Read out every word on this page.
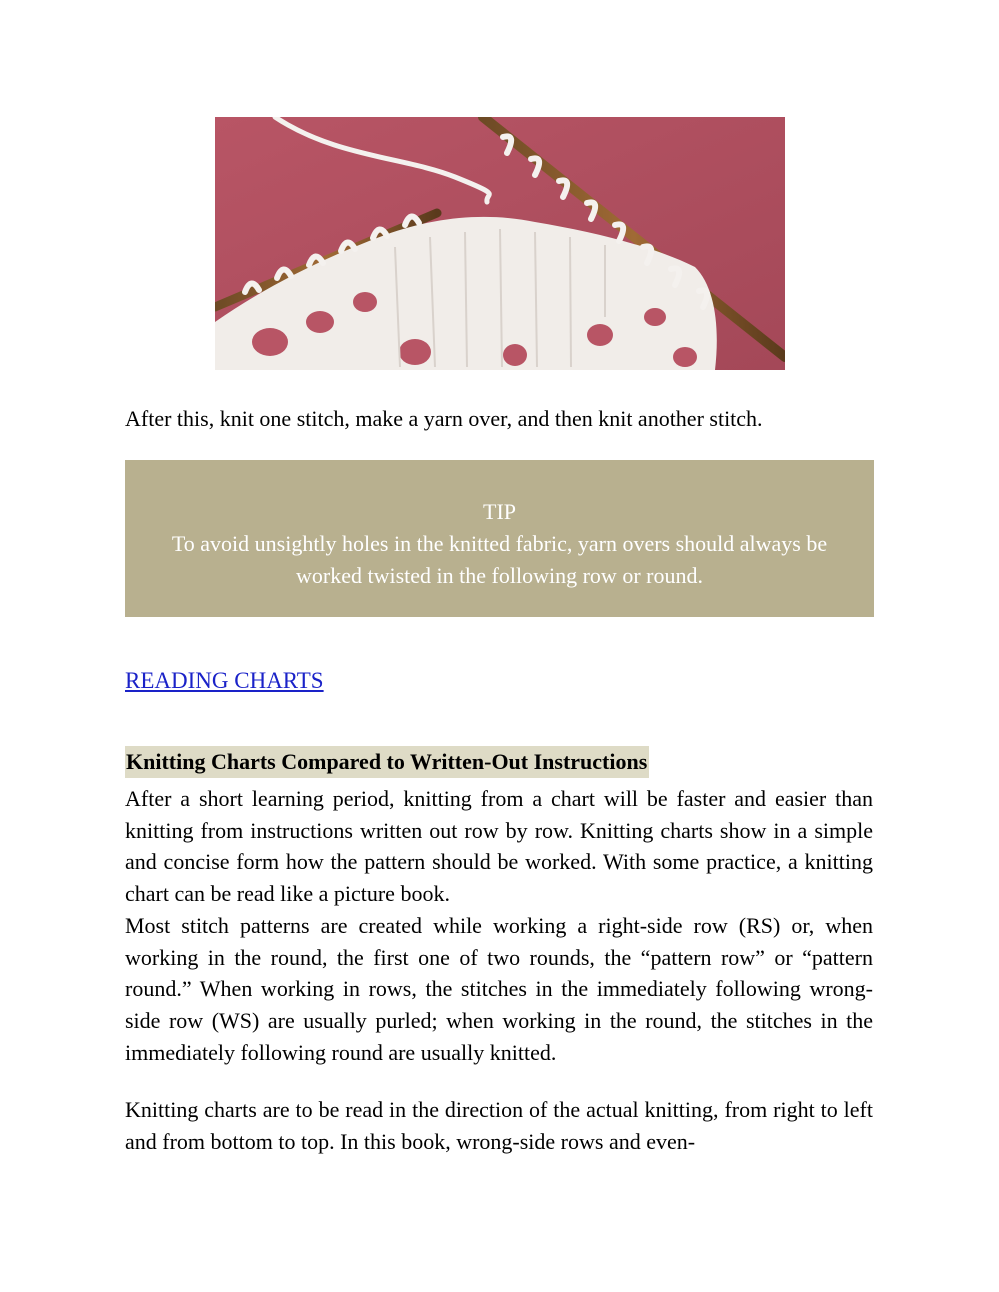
After this, knit one stitch, make a yarn over, and then knit another stitch.

TIP

To avoid unsightly holes in the knitted fabric, yarn overs should always be worked twisted in the following row or round.

READING CHARTS
Knitting Charts Compared to Written-Out Instructions

After a short learning period, knitting from a chart will be faster and easier than knitting from instructions written out row by row. Knitting charts show in a simple and concise form how the pattern should be worked. With some practice, a knitting chart can be read like a picture book.

Most stitch patterns are created while working a right-side row (RS) or, when working in the round, the first one of two rounds, the “pattern row” or “pattern round.” When working in rows, the stitches in the immediately following wrong-side row (WS) are usually purled; when working in the round, the stitches in the immediately following round are usually knitted.

Knitting charts are to be read in the direction of the actual knitting, from right to left and from bottom to top. In this book, wrong-side rows and even-
